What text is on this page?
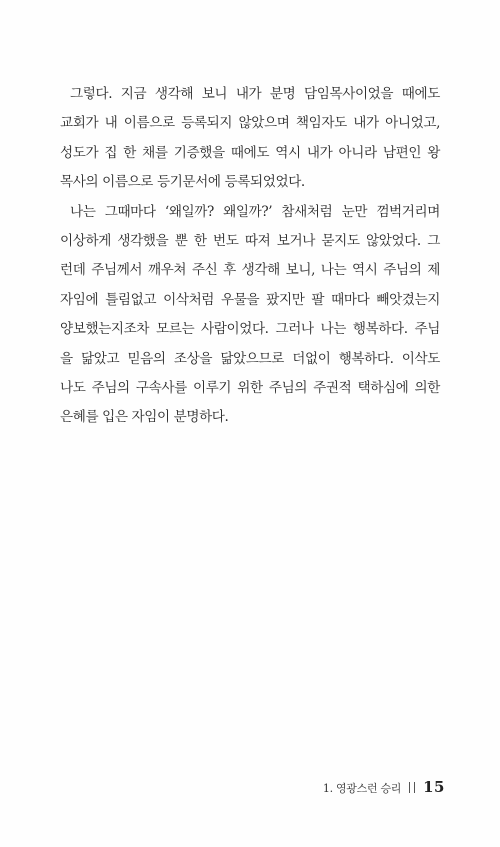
그렇다. 지금 생각해 보니 내가 분명 담임목사이었을 때에도
교회가 내 이름으로 등록되지 않았으며 책임자도 내가 아니었고,
성도가 집 한 채를 기증했을 때에도 역시 내가 아니라 남편인 왕
목사의 이름으로 등기문서에 등록되었었다.
나는 그때마다 ‘왜일까? 왜일까?’ 참새처럼 눈만 껌벅거리며
이상하게 생각했을 뿐 한 번도 따져 보거나 묻지도 않았었다. 그
런데 주님께서 깨우쳐 주신 후 생각해 보니, 나는 역시 주님의 제
자임에 틀림없고 이삭처럼 우물을 팠지만 팔 때마다 빼앗겼는지
양보했는지조차 모르는 사람이었다. 그러나 나는 행복하다. 주님
을 닮았고 믿음의 조상을 닮았으므로 더없이 행복하다. 이삭도
나도 주님의 구속사를 이루기 위한 주님의 주권적 택하심에 의한
은혜를 입은 자임이 분명하다.
1. 영광스런 승리 15
